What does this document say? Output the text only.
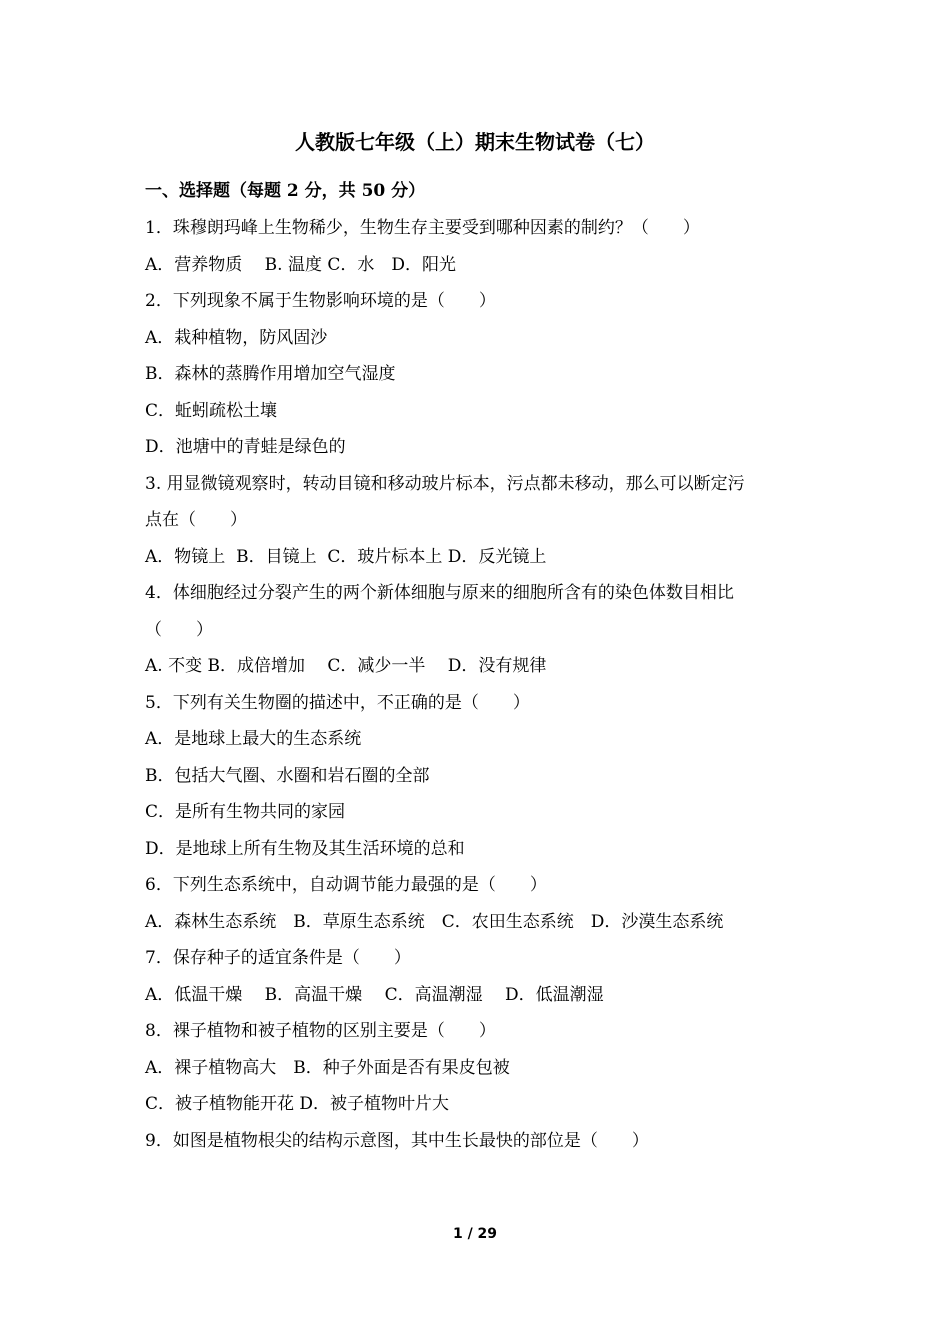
人教版七年级（上）期末生物试卷（七）
一、选择题（每题 2 分，共 50 分）
1．珠穆朗玛峰上生物稀少，生物生存主要受到哪种因素的制约？（　　）
A．营养物质　 B. 温度 C．水　D．阳光
2．下列现象不属于生物影响环境的是（　　）
A．栽种植物，防风固沙
B．森林的蒸腾作用增加空气湿度
C．蚯蚓疏松土壤
D．池塘中的青蛙是绿色的
3. 用显微镜观察时，转动目镜和移动玻片标本，污点都未移动，那么可以断定污
点在（　　）
A．物镜上  B．目镜上  C．玻片标本上 D．反光镜上
4．体细胞经过分裂产生的两个新体细胞与原来的细胞所含有的染色体数目相比
（　　）
A. 不变 B．成倍增加　 C．减少一半　 D．没有规律
5．下列有关生物圈的描述中，不正确的是（　　）
A．是地球上最大的生态系统
B．包括大气圈、水圈和岩石圈的全部
C．是所有生物共同的家园
D．是地球上所有生物及其生活环境的总和
6．下列生态系统中，自动调节能力最强的是（　　）
A．森林生态系统　B．草原生态系统　C．农田生态系统　D．沙漠生态系统
7．保存种子的适宜条件是（　　）
A．低温干燥　 B．高温干燥　 C．高温潮湿　 D．低温潮湿
8．裸子植物和被子植物的区别主要是（　　）
A．裸子植物高大　B．种子外面是否有果皮包被
C．被子植物能开花 D．被子植物叶片大
9．如图是植物根尖的结构示意图，其中生长最快的部位是（　　）
1 / 29
